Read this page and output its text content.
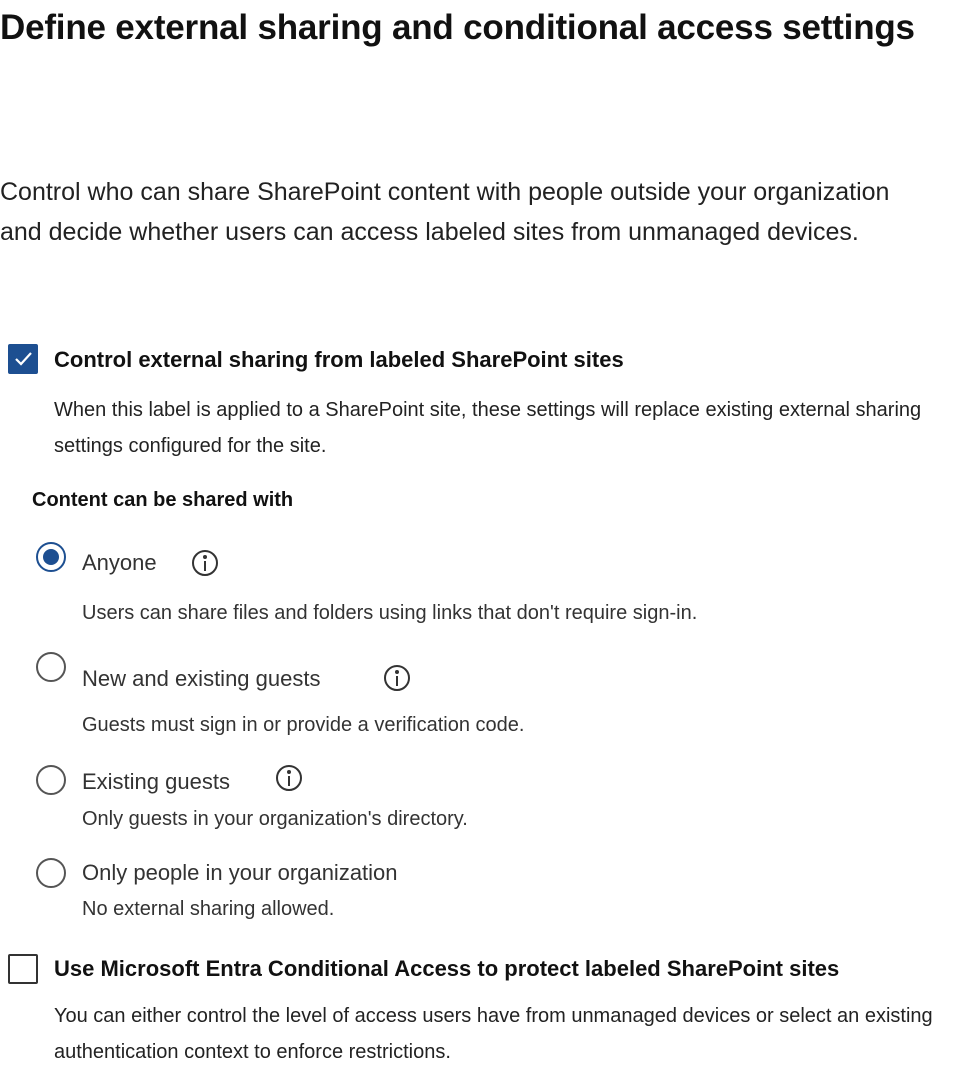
Define external sharing and conditional access settings

Control who can share SharePoint content with people outside your organization and decide whether users can access labeled sites from unmanaged devices.

Control external sharing from labeled SharePoint sites

When this label is applied to a SharePoint site, these settings will replace existing external sharing settings configured for the site.

Content can be shared with
Anyone
Users can share files and folders using links that don't require sign-in.
New and existing guests
Guests must sign in or provide a verification code.
Existing guests
Only guests in your organization's directory.
Only people in your organization
No external sharing allowed.
Use Microsoft Entra Conditional Access to protect labeled SharePoint sites

You can either control the level of access users have from unmanaged devices or select an existing authentication context to enforce restrictions.
